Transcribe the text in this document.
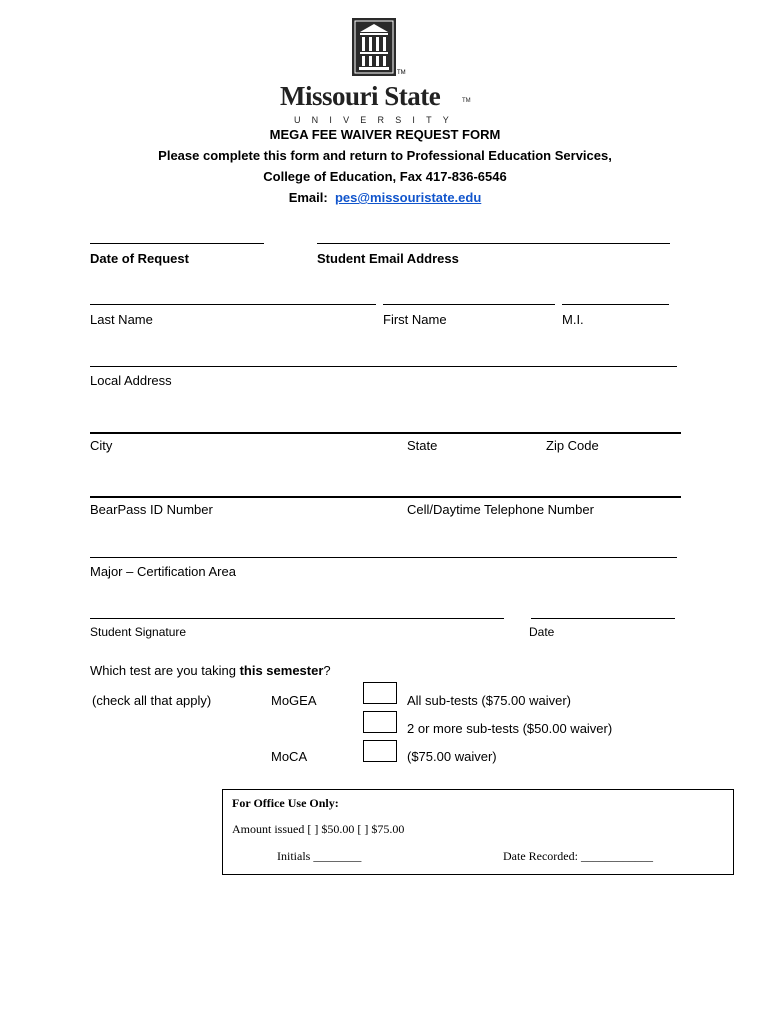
TM
Missouri State	TM
UNIVERSITY
MEGA FEE WAIVER REQUEST FORM
Please complete this form and return to Professional Education Services,
College of Education, Fax 417-836-6546
Email: pes@missouristate.edu
Date of Request	Student Email Address
Last Name	First Name	M.I.
Local Address
City	State	Zip Code
BearPass ID Number	Cell/Daytime Telephone Number
Major – Certification Area
Student Signature	Date
Which test are you taking this semester?
(check all that apply)	MoGEA	All sub-tests ($75.00 waiver)
2 or more sub-tests ($50.00 waiver)
MoCA	($75.00 waiver)
For Office Use Only:
Amount issued [ ] $50.00 [ ] $75.00
Initials ________	Date Recorded: ____________
